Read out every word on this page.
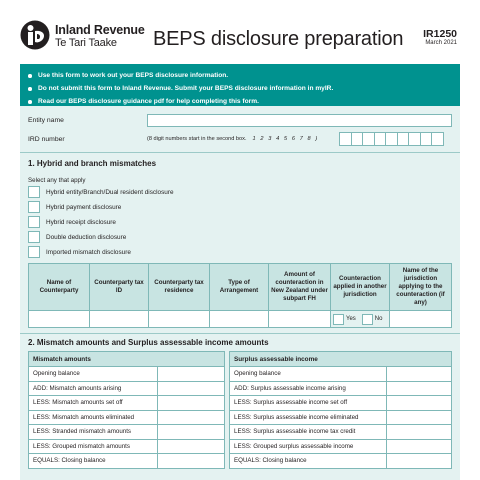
Inland Revenue
Te Tari Taake BEPS disclosure preparation IR1250
March 2021
Use this form to work out your BEPS disclosure information.
Do not submit this form to Inland Revenue. Submit your BEPS disclosure information in myIR.
Read our BEPS disclosure guidance pdf for help completing this form.
Entity name
IRD number	(8 digit numbers start in the second box. 1 2 3 4 5 6 7 8 )
1. Hybrid and branch mismatches
Select any that apply
Hybrid entity/Branch/Dual resident disclosure
Hybrid payment disclosure
Hybrid receipt disclosure
Double deduction disclosure
Imported mismatch disclosure
Name of Counterparty	Counterparty tax ID	Counterparty tax residence	Type of Arrangement	Amount of counteraction in New Zealand under subpart FH	Counteraction applied in another jurisdiction	Name of the jurisdiction applying to the counteraction (if any)

					Yes No	

2. Mismatch amounts and Surplus assessable income amounts
Mismatch amounts	
Opening balance	
ADD: Mismatch amounts arising	
LESS: Mismatch amounts set off	
LESS: Mismatch amounts eliminated	
LESS: Stranded mismatch amounts	
LESS: Grouped mismatch amounts	
EQUALS: Closing balance	
Surplus assessable income	
Opening balance	
ADD: Surplus assessable income arising	
LESS: Surplus assessable income set off	
LESS: Surplus assessable income eliminated	
LESS: Surplus assessable income tax credit	
LESS: Grouped surplus assessable income	
EQUALS: Closing balance	
